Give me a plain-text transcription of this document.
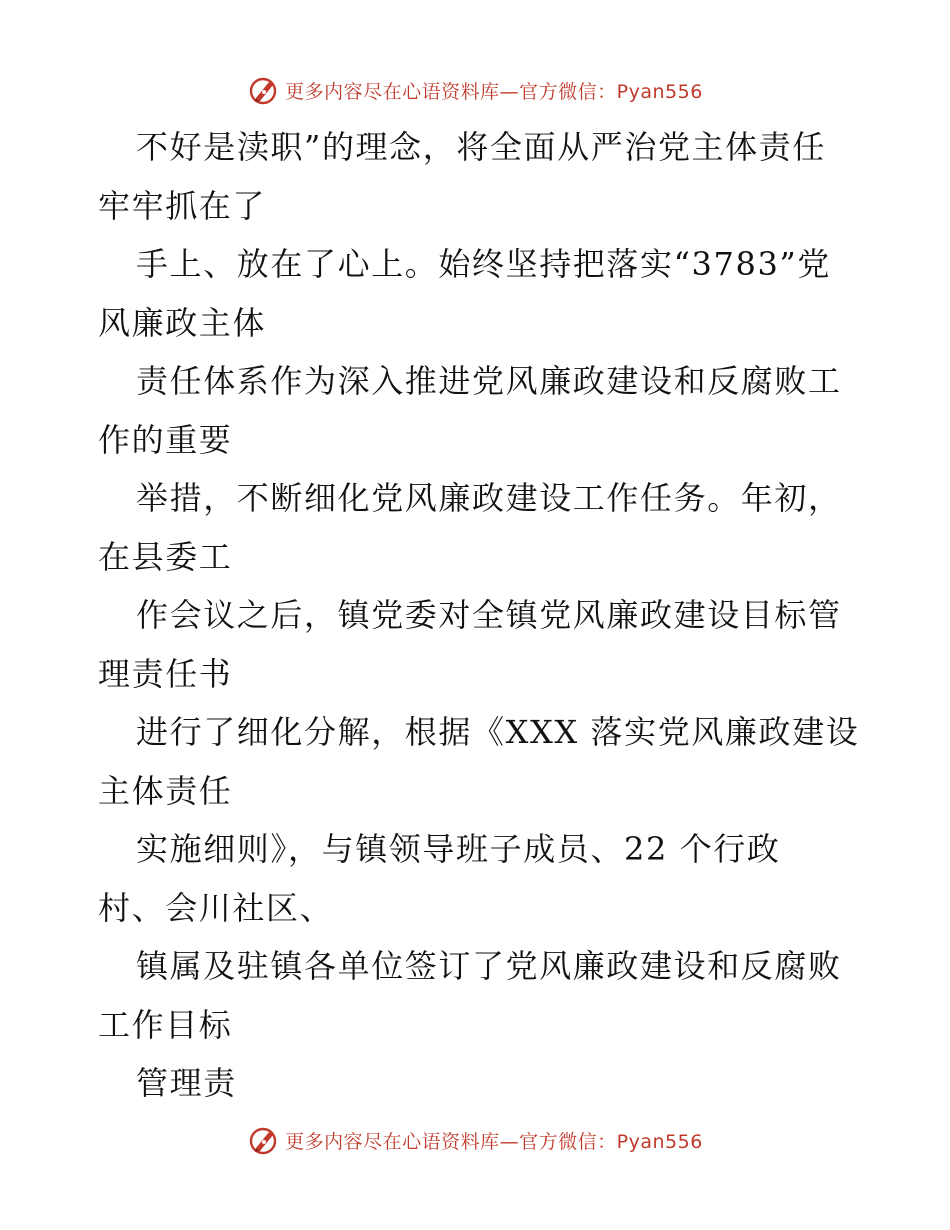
更多内容尽在心语资料库—官方微信：Pyan556
不好是渎职”的理念，将全面从严治党主体责任
牢牢抓在了
手上、放在了心上。始终坚持把落实“3783”党
风廉政主体
责任体系作为深入推进党风廉政建设和反腐败工
作的重要
举措，不断细化党风廉政建设工作任务。年初，
在县委工
作会议之后，镇党委对全镇党风廉政建设目标管
理责任书
进行了细化分解，根据《XXX 落实党风廉政建设
主体责任
实施细则》，与镇领导班子成员、22 个行政
村、会川社区、
镇属及驻镇各单位签订了党风廉政建设和反腐败
工作目标
管理责
更多内容尽在心语资料库—官方微信：Pyan556
